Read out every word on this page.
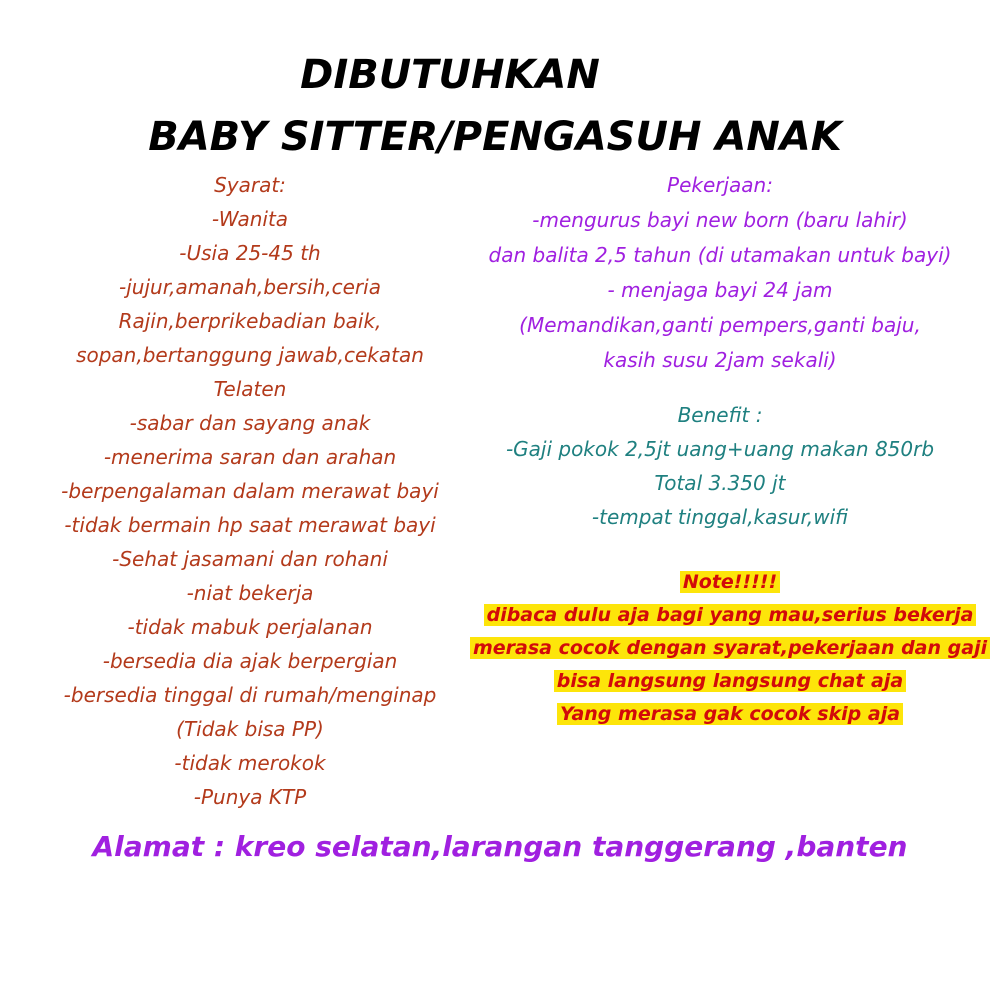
DIBUTUHKAN
BABY SITTER/PENGASUH ANAK
Syarat:
-Wanita
-Usia 25-45 th
-jujur,amanah,bersih,ceria
Rajin,berprikebadian baik,
sopan,bertanggung jawab,cekatan
Telaten
-sabar dan sayang anak
-menerima saran dan arahan
-berpengalaman dalam merawat bayi
-tidak bermain hp saat merawat bayi
-Sehat jasamani dan rohani
-niat bekerja
-tidak mabuk perjalanan
-bersedia dia ajak berpergian
-bersedia tinggal di rumah/menginap
(Tidak bisa PP)
-tidak merokok
-Punya KTP
Pekerjaan:
-mengurus bayi new born (baru lahir)
dan balita 2,5 tahun (di utamakan untuk bayi)
- menjaga bayi 24 jam
(Memandikan,ganti pempers,ganti baju,
kasih susu 2jam sekali)
Benefit :
-Gaji pokok 2,5jt uang+uang makan 850rb
Total 3.350 jt
-tempat tinggal,kasur,wifi
Note!!!!!
dibaca dulu aja bagi yang mau,serius bekerja
merasa cocok dengan syarat,pekerjaan dan gaji
bisa langsung langsung chat aja
Yang merasa gak cocok skip aja
Alamat : kreo selatan,larangan tanggerang ,banten
